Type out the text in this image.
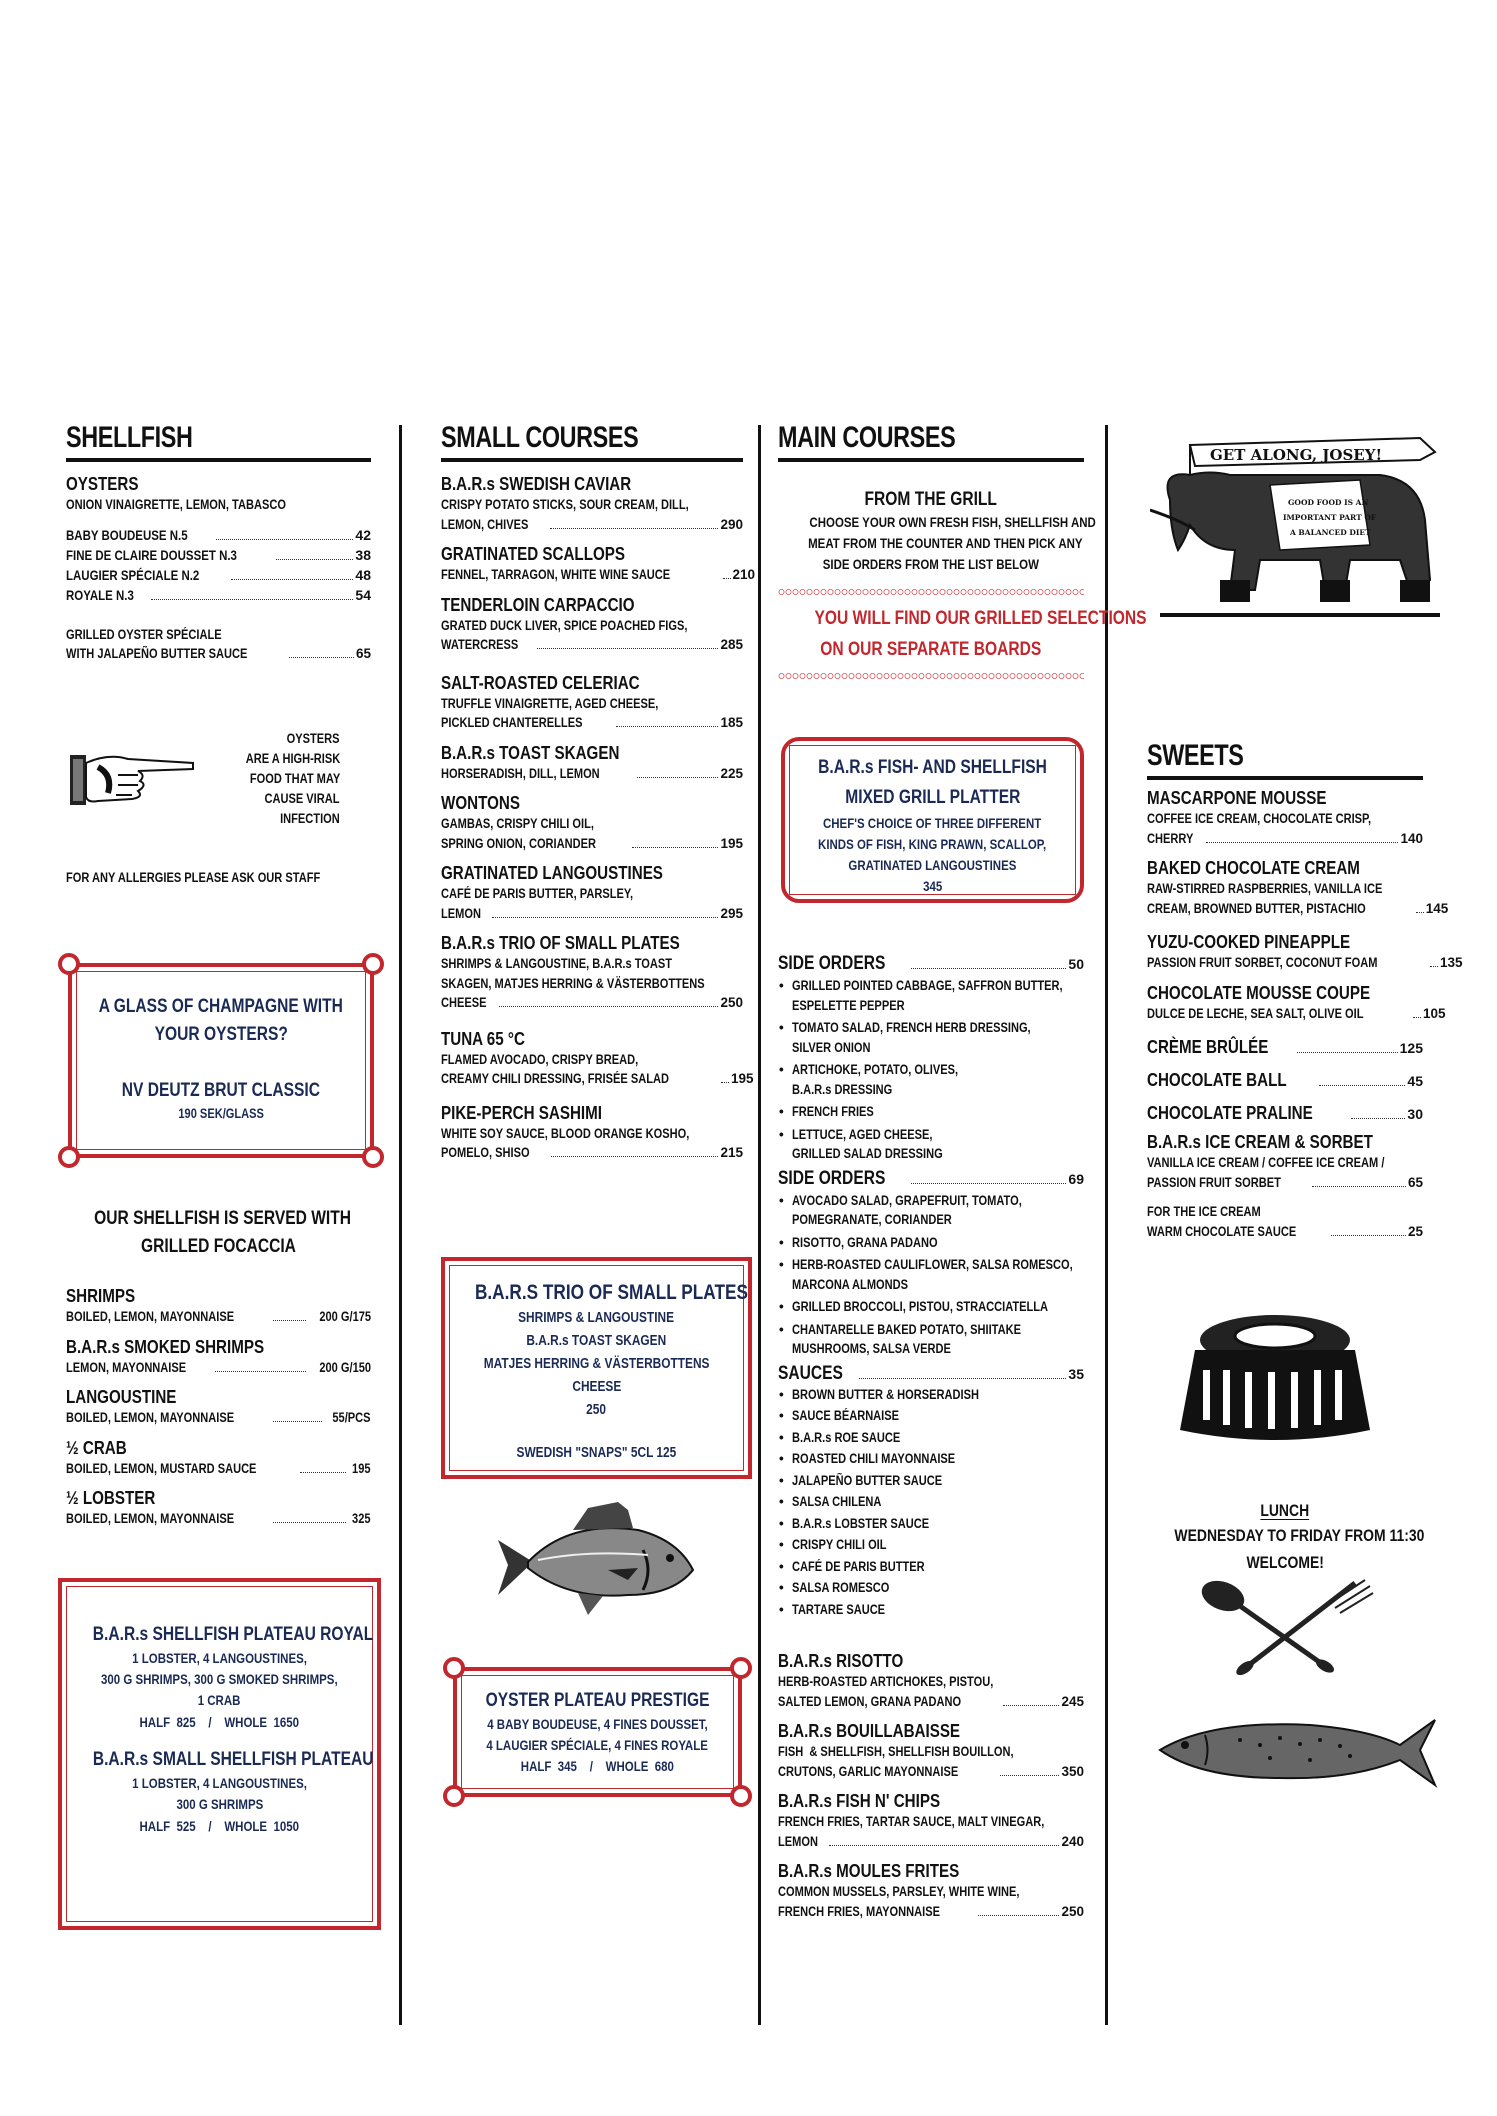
SHELLFISH
OYSTERS
ONION VINAIGRETTE, LEMON, TABASCO
BABY BOUDEUSE N.5	42
FINE DE CLAIRE DOUSSET N.3	38
LAUGIER SPÉCIALE N.2	48
ROYALE N.3	54
GRILLED OYSTER SPÉCIALE
WITH JALAPEÑO BUTTER SAUCE	65
OYSTERS
ARE A HIGH-RISK
FOOD THAT MAY
CAUSE VIRAL
INFECTION
FOR ANY ALLERGIES PLEASE ASK OUR STAFF
A GLASS OF CHAMPAGNE WITH
YOUR OYSTERS?
NV DEUTZ BRUT CLASSIC
190 SEK/GLASS
OUR SHELLFISH IS SERVED WITH
GRILLED FOCACCIA
SHRIMPS
BOILED, LEMON, MAYONNAISE	200 G/175
B.A.R.s SMOKED SHRIMPS
LEMON, MAYONNAISE	200 G/150
LANGOUSTINE
BOILED, LEMON, MAYONNAISE	55/PCS
½ CRAB
BOILED, LEMON, MUSTARD SAUCE	195
½ LOBSTER
BOILED, LEMON, MAYONNAISE	325
B.A.R.s SHELLFISH PLATEAU ROYAL
1 LOBSTER, 4 LANGOUSTINES,
300 G SHRIMPS, 300 G SMOKED SHRIMPS,
1 CRAB
HALF  825    /    WHOLE  1650
B.A.R.s SMALL SHELLFISH PLATEAU
1 LOBSTER, 4 LANGOUSTINES,
300 G SHRIMPS
HALF  525    /    WHOLE  1050
SMALL COURSES
B.A.R.s SWEDISH CAVIAR
CRISPY POTATO STICKS, SOUR CREAM, DILL,
LEMON, CHIVES	290
GRATINATED SCALLOPS
FENNEL, TARRAGON, WHITE WINE SAUCE	210
TENDERLOIN CARPACCIO
GRATED DUCK LIVER, SPICE POACHED FIGS,
WATERCRESS	285
SALT-ROASTED CELERIAC
TRUFFLE VINAIGRETTE, AGED CHEESE,
PICKLED CHANTERELLES	185
B.A.R.s TOAST SKAGEN
HORSERADISH, DILL, LEMON	225
WONTONS
GAMBAS, CRISPY CHILI OIL,
SPRING ONION, CORIANDER	195
GRATINATED LANGOUSTINES
CAFÉ DE PARIS BUTTER, PARSLEY,
LEMON	295
B.A.R.s TRIO OF SMALL PLATES
SHRIMPS & LANGOUSTINE, B.A.R.s TOAST
SKAGEN, MATJES HERRING & VÄSTERBOTTENS
CHEESE	250
TUNA 65 °C
FLAMED AVOCADO, CRISPY BREAD,
CREAMY CHILI DRESSING, FRISÉE SALAD	195
PIKE-PERCH SASHIMI
WHITE SOY SAUCE, BLOOD ORANGE KOSHO,
POMELO, SHISO	215
B.A.R.S TRIO OF SMALL PLATES
SHRIMPS & LANGOUSTINE
B.A.R.s TOAST SKAGEN
MATJES HERRING & VÄSTERBOTTENS
CHEESE
250
SWEDISH "SNAPS" 5CL 125
OYSTER PLATEAU PRESTIGE
4 BABY BOUDEUSE, 4 FINES DOUSSET,
4 LAUGIER SPÉCIALE, 4 FINES ROYALE
HALF  345    /    WHOLE  680
MAIN COURSES
FROM THE GRILL
CHOOSE YOUR OWN FRESH FISH, SHELLFISH AND
MEAT FROM THE COUNTER AND THEN PICK ANY
SIDE ORDERS FROM THE LIST BELOW
YOU WILL FIND OUR GRILLED SELECTIONS
ON OUR SEPARATE BOARDS
B.A.R.s FISH- AND SHELLFISH
MIXED GRILL PLATTER
CHEF'S CHOICE OF THREE DIFFERENT
KINDS OF FISH, KING PRAWN, SCALLOP,
GRATINATED LANGOUSTINES
345
SIDE ORDERS	50
• GRILLED POINTED CABBAGE, SAFFRON BUTTER,
ESPELETTE PEPPER
• TOMATO SALAD, FRENCH HERB DRESSING,
SILVER ONION
• ARTICHOKE, POTATO, OLIVES,
B.A.R.s DRESSING
• FRENCH FRIES
• LETTUCE, AGED CHEESE,
GRILLED SALAD DRESSING
SIDE ORDERS	69
• AVOCADO SALAD, GRAPEFRUIT, TOMATO,
POMEGRANATE, CORIANDER
• RISOTTO, GRANA PADANO
• HERB-ROASTED CAULIFLOWER, SALSA ROMESCO,
MARCONA ALMONDS
• GRILLED BROCCOLI, PISTOU, STRACCIATELLA
• CHANTARELLE BAKED POTATO, SHIITAKE
MUSHROOMS, SALSA VERDE
SAUCES	35
• BROWN BUTTER & HORSERADISH
• SAUCE BÉARNAISE
• B.A.R.s ROE SAUCE
• ROASTED CHILI MAYONNAISE
• JALAPEÑO BUTTER SAUCE
• SALSA CHILENA
• B.A.R.s LOBSTER SAUCE
• CRISPY CHILI OIL
• CAFÉ DE PARIS BUTTER
• SALSA ROMESCO
• TARTARE SAUCE
B.A.R.s RISOTTO
HERB-ROASTED ARTICHOKES, PISTOU,
SALTED LEMON, GRANA PADANO	245
B.A.R.s BOUILLABAISSE
FISH  & SHELLFISH, SHELLFISH BOUILLON,
CRUTONS, GARLIC MAYONNAISE	350
B.A.R.s FISH N' CHIPS
FRENCH FRIES, TARTAR SAUCE, MALT VINEGAR,
LEMON	240
B.A.R.s MOULES FRITES
COMMON MUSSELS, PARSLEY, WHITE WINE,
FRENCH FRIES, MAYONNAISE	250
GET ALONG, JOSEY!
GOOD FOOD IS AN
IMPORTANT PART OF
A BALANCED DIET
SWEETS
MASCARPONE MOUSSE
COFFEE ICE CREAM, CHOCOLATE CRISP,
CHERRY	140
BAKED CHOCOLATE CREAM
RAW-STIRRED RASPBERRIES, VANILLA ICE
CREAM, BROWNED BUTTER, PISTACHIO	145
YUZU-COOKED PINEAPPLE
PASSION FRUIT SORBET, COCONUT FOAM	135
CHOCOLATE MOUSSE COUPE
DULCE DE LECHE, SEA SALT, OLIVE OIL	105
CRÈME BRÛLÉE	125
CHOCOLATE BALL	45
CHOCOLATE PRALINE	30
B.A.R.s ICE CREAM & SORBET
VANILLA ICE CREAM / COFFEE ICE CREAM /
PASSION FRUIT SORBET	65
FOR THE ICE CREAM
WARM CHOCOLATE SAUCE	25
LUNCH
WEDNESDAY TO FRIDAY FROM 11:30
WELCOME!
